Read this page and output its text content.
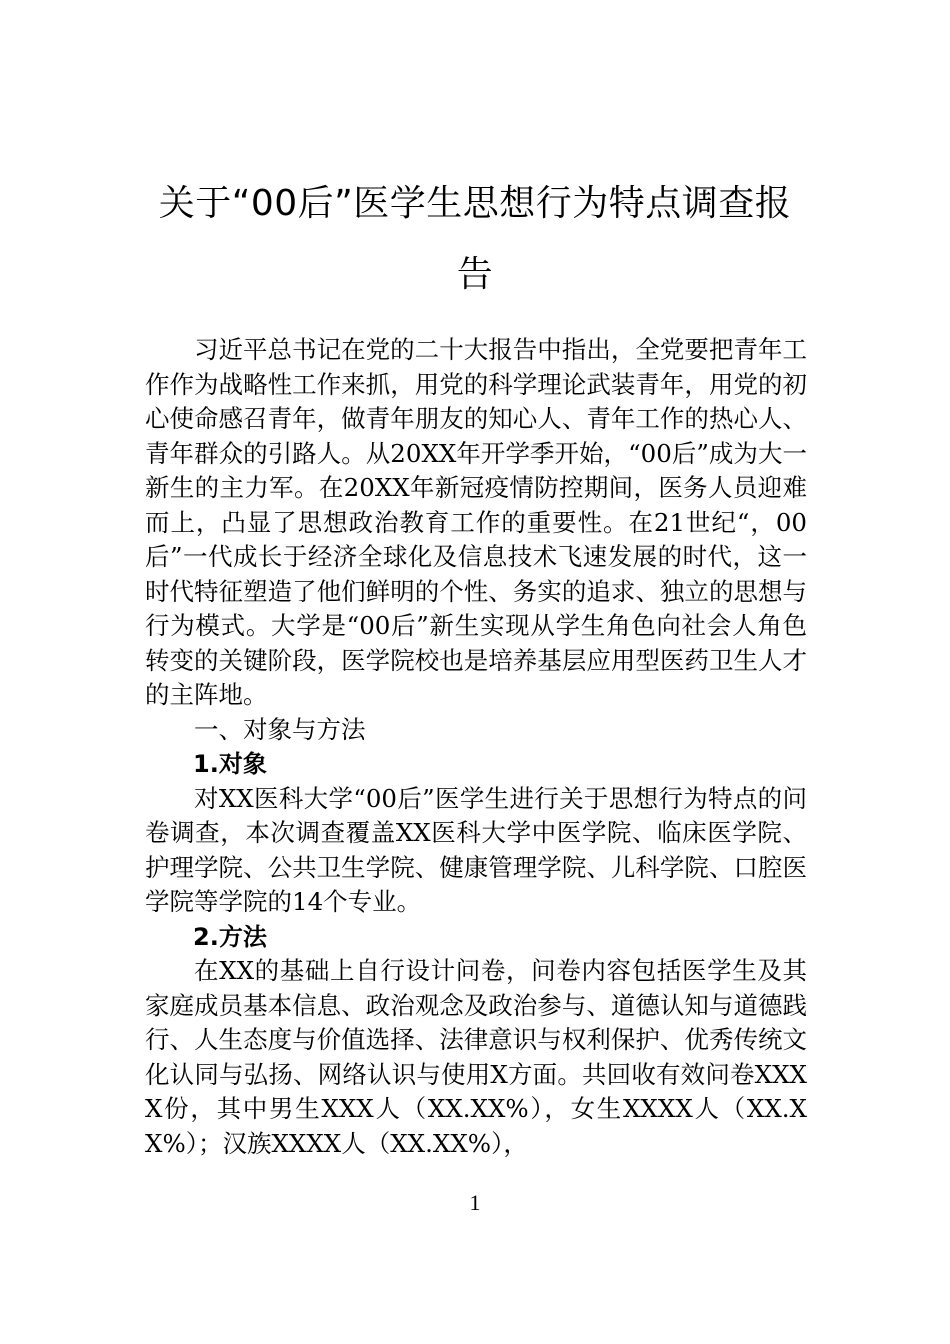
关于“00后”医学生思想行为特点调查报告

习近平总书记在党的二十大报告中指出，全党要把青年工作作为战略性工作来抓，用党的科学理论武装青年，用党的初心使命感召青年，做青年朋友的知心人、青年工作的热心人、青年群众的引路人。从20XX年开学季开始，“00后”成为大一新生的主力军。在20XX年新冠疫情防控期间，医务人员迎难而上，凸显了思想政治教育工作的重要性。在21世纪“，00后”一代成长于经济全球化及信息技术飞速发展的时代，这一时代特征塑造了他们鲜明的个性、务实的追求、独立的思想与行为模式。大学是“00后”新生实现从学生角色向社会人角色转变的关键阶段，医学院校也是培养基层应用型医药卫生人才的主阵地。

一、对象与方法

1.对象

对XX医科大学“00后”医学生进行关于思想行为特点的问卷调查，本次调查覆盖XX医科大学中医学院、临床医学院、护理学院、公共卫生学院、健康管理学院、儿科学院、口腔医学院等学院的14个专业。

2.方法

在XX的基础上自行设计问卷，问卷内容包括医学生及其家庭成员基本信息、政治观念及政治参与、道德认知与道德践行、人生态度与价值选择、法律意识与权利保护、优秀传统文化认同与弘扬、网络认识与使用X方面。共回收有效问卷XXXX份，其中男生XXX人（XX.XX%），女生XXXX人（XX.XX%）；汉族XXXX人（XX.XX%），

1
